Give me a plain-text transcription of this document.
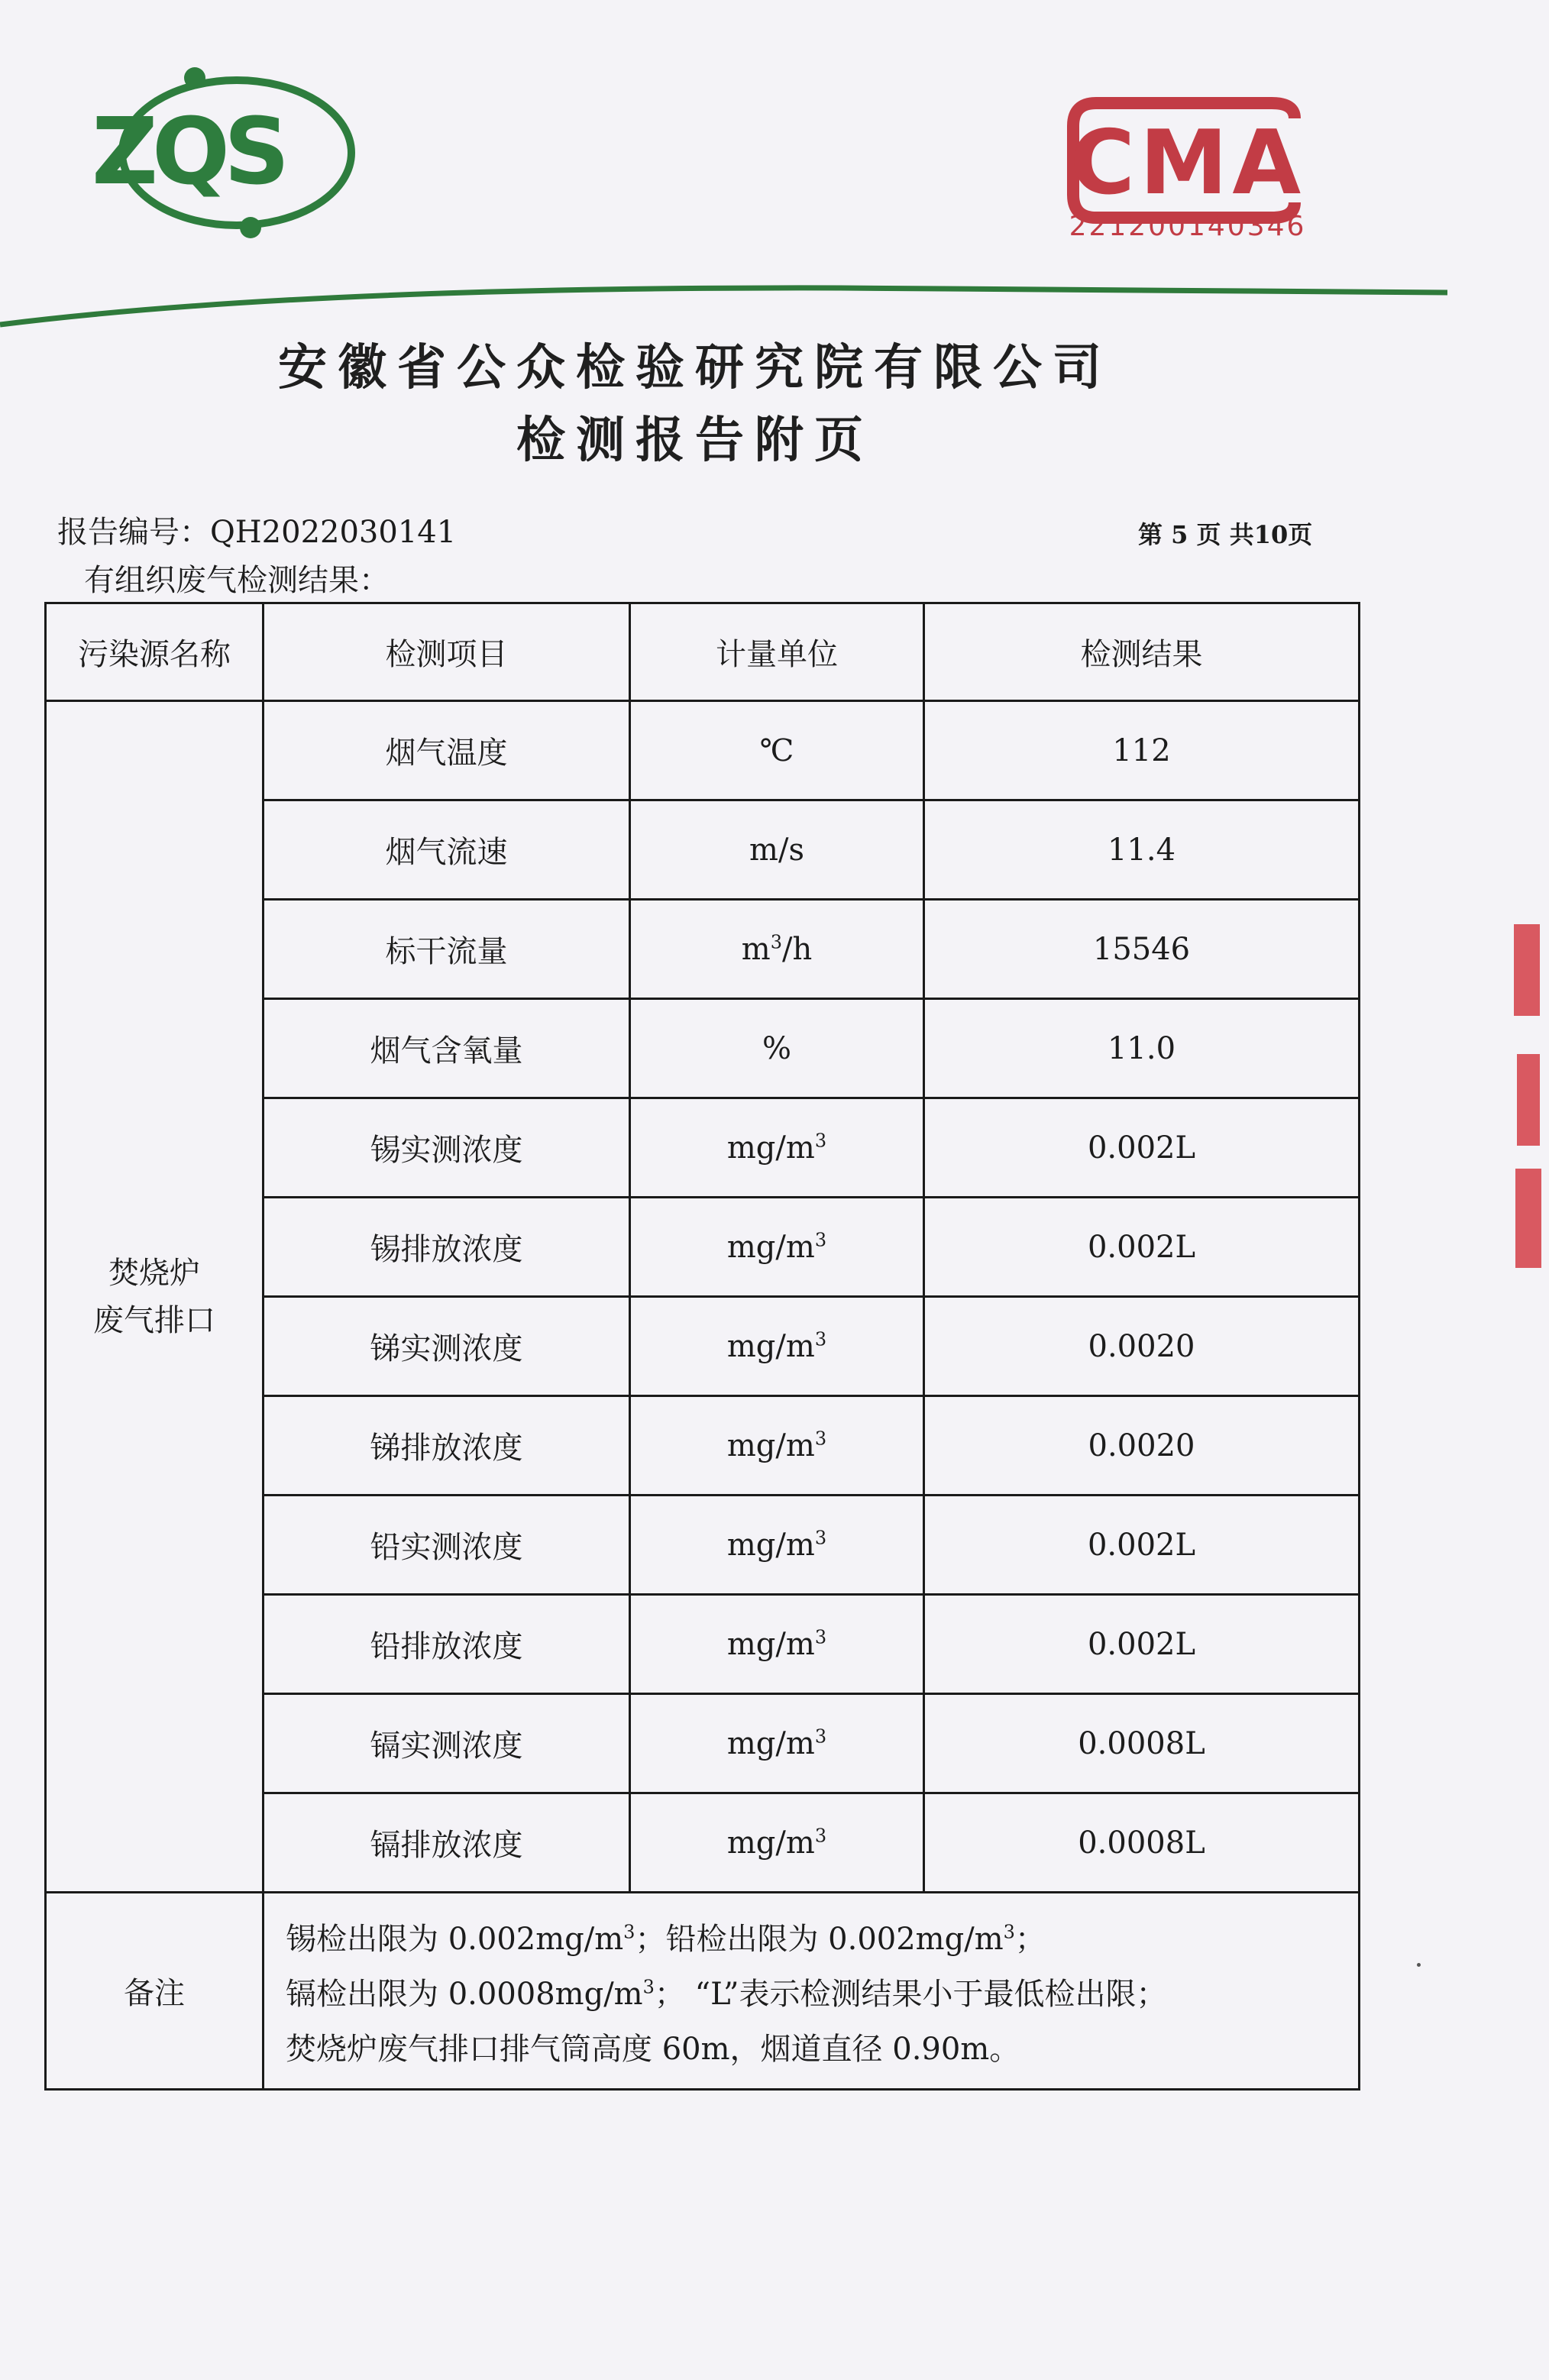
ZQS	CMA
221200140346
安徽省公众检验研究院有限公司
检测报告附页
报告编号：QH2022030141	第 5 页 共10页
有组织废气检测结果：
污染源名称	检测项目	计量单位	检测结果

焚烧炉
废气排口	烟气温度	℃	112
	烟气流速	m/s	11.4
	标干流量	$m^3/h$	15546
	烟气含氧量	%	11.0
	锡实测浓度	$mg/m^3$	0.002L
	锡排放浓度	$mg/m^3$	0.002L
	锑实测浓度	$mg/m^3$	0.0020
	锑排放浓度	$mg/m^3$	0.0020
	铅实测浓度	$mg/m^3$	0.002L
	铅排放浓度	$mg/m^3$	0.002L
	镉实测浓度	$mg/m^3$	0.0008L
	镉排放浓度	$mg/m^3$	0.0008L
备注	锡检出限为 $0.002mg/m^3$；铅检出限为 $0.002mg/m^3$；
镉检出限为 $0.0008mg/m^3$； “L”表示检测结果小于最低检出限；
焚烧炉废气排口排气筒高度 60m，烟道直径 0.90m。		
